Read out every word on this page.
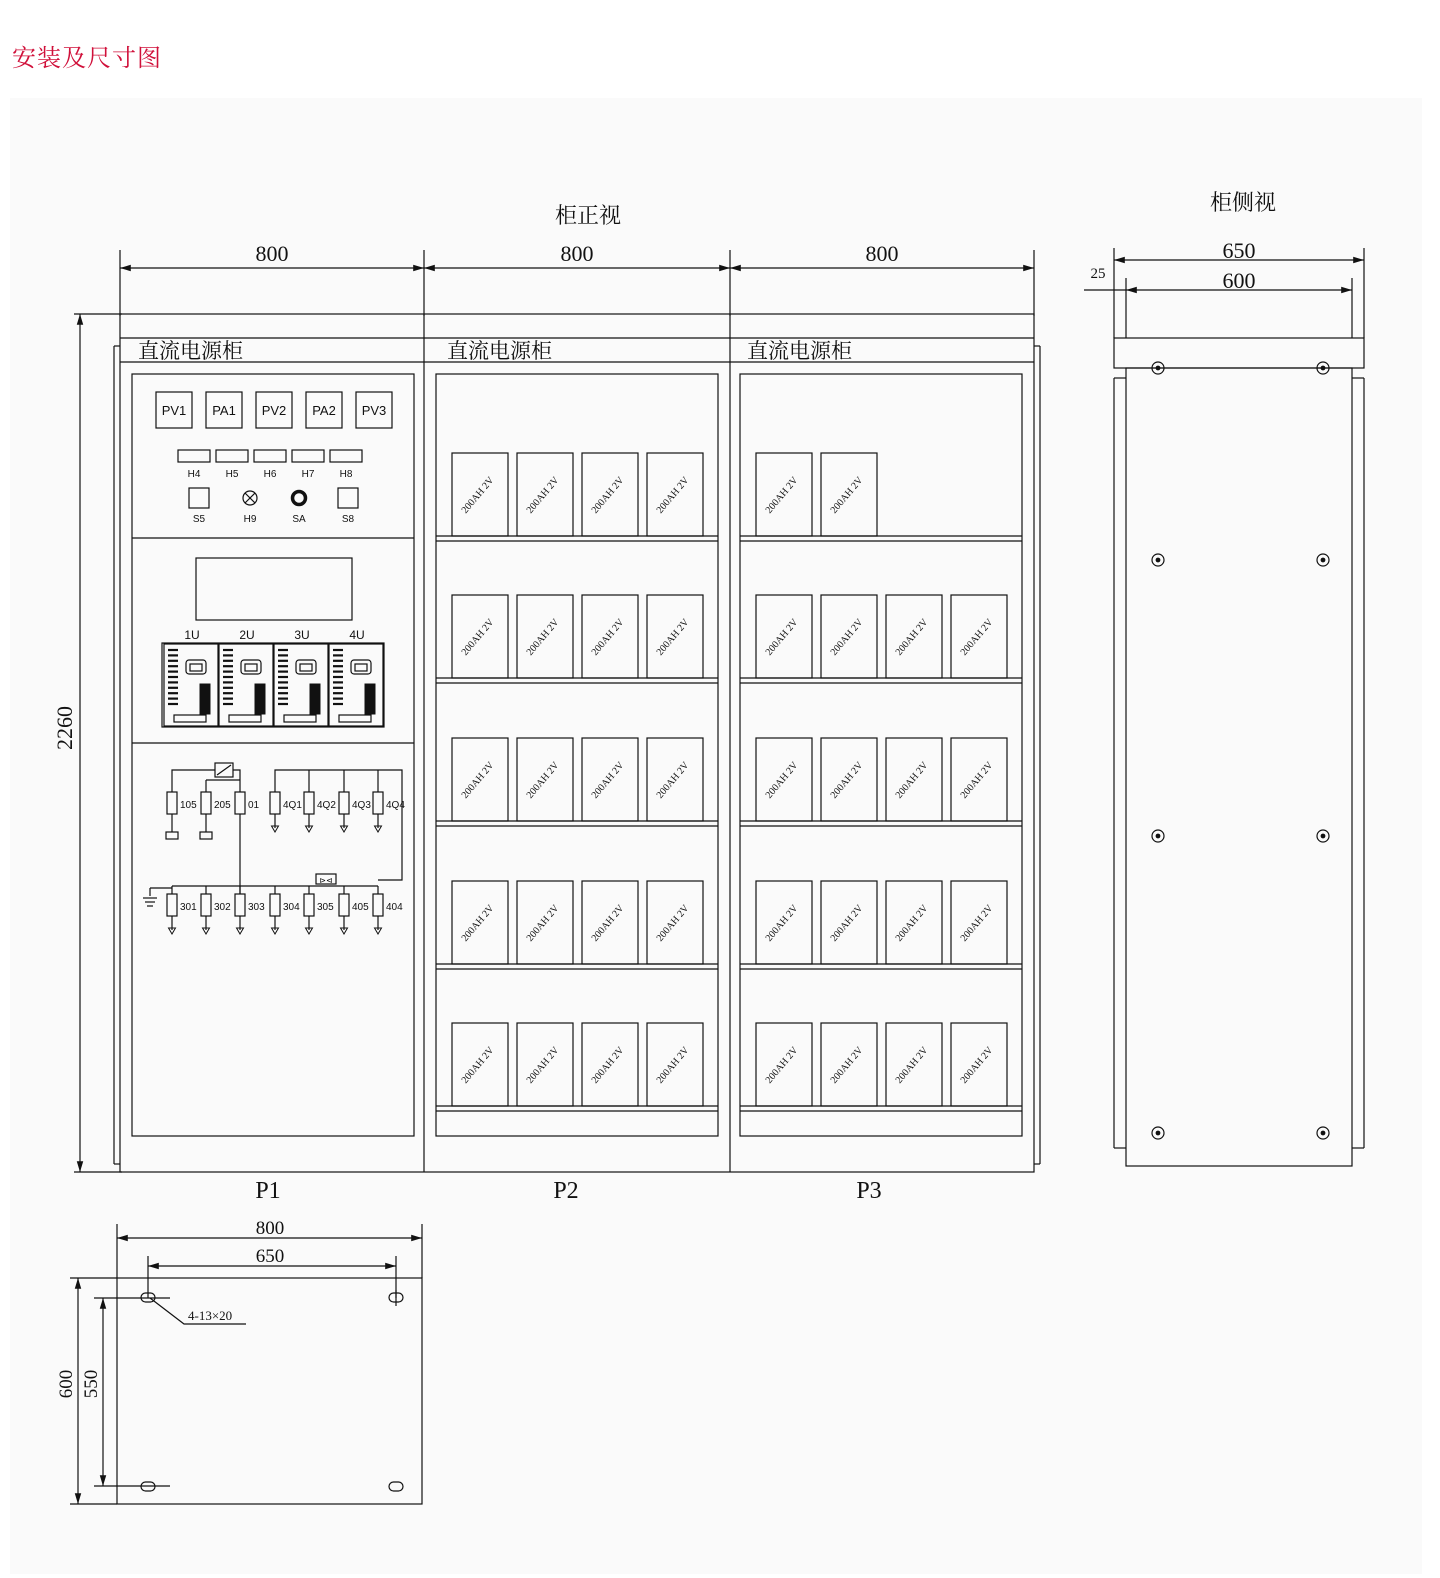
安装及尺寸图
柜正视
800	800	800
2260
直流电源柜	直流电源柜	直流电源柜
P1	P2	P3
PV1 PA1 PV2 PA2 PV3
H4	H5	H6	H7	H8
S5	H9	SA	S8
1U	2U	3U	4U
105 205 01 4Q1 4Q2 4Q3 4Q4
⊳⊲
301 302 303 304 305 405 404
200AH 2V	200AH 2V	200AH 2V	200AH 2V
200AH 2V	200AH 2V	200AH 2V	200AH 2V
200AH 2V	200AH 2V	200AH 2V	200AH 2V
200AH 2V	200AH 2V	200AH 2V	200AH 2V
200AH 2V	200AH 2V	200AH 2V	200AH 2V
200AH 2V	200AH 2V
200AH 2V	200AH 2V	200AH 2V	200AH 2V
200AH 2V	200AH 2V	200AH 2V	200AH 2V
200AH 2V	200AH 2V	200AH 2V	200AH 2V
200AH 2V	200AH 2V	200AH 2V	200AH 2V
柜侧视
650
600
25
800
650
600 550
4-13×20
